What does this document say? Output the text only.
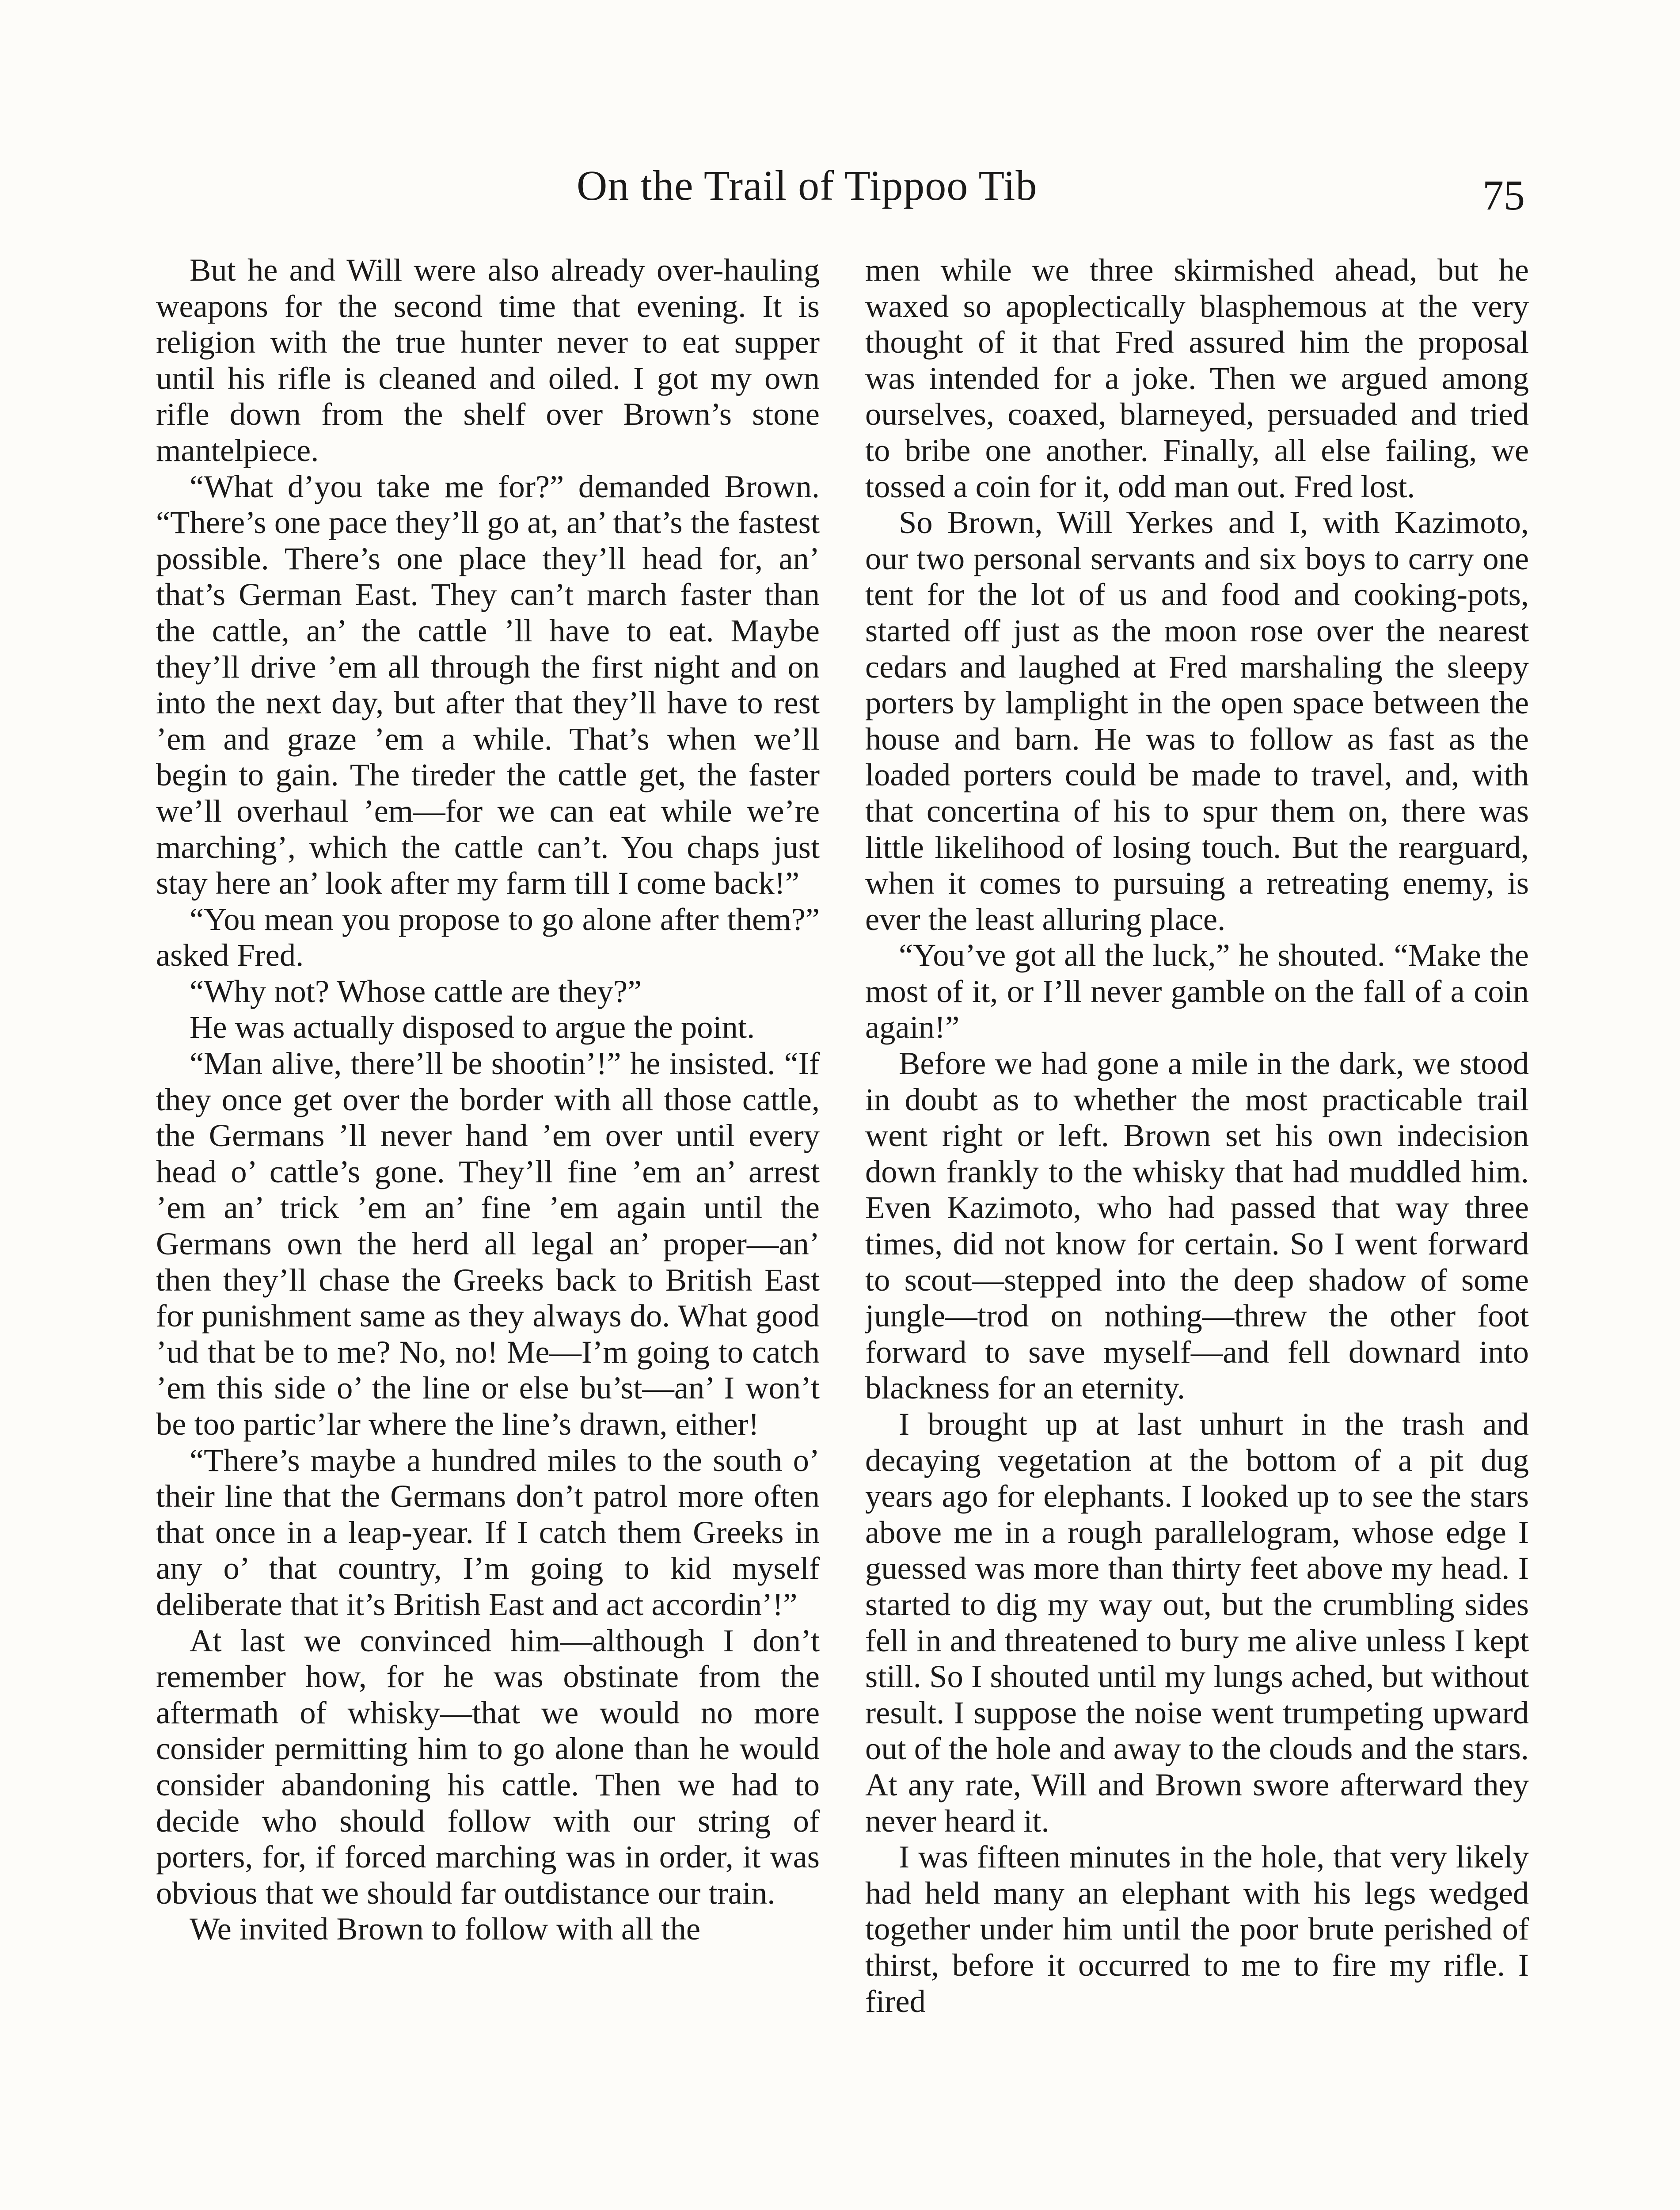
On the Trail of Tippoo Tib	75

But he and Will were also already over-hauling weapons for the second time that evening. It is religion with the true hunter never to eat supper until his rifle is cleaned and oiled. I got my own rifle down from the shelf over Brown’s stone mantelpiece.

“What d’you take me for?” demanded Brown. “There’s one pace they’ll go at, an’ that’s the fastest possible. There’s one place they’ll head for, an’ that’s German East. They can’t march faster than the cattle, an’ the cattle ’ll have to eat. Maybe they’ll drive ’em all through the first night and on into the next day, but after that they’ll have to rest ’em and graze ’em a while. That’s when we’ll begin to gain. The tireder the cattle get, the faster we’ll overhaul ’em—for we can eat while we’re marching’, which the cattle can’t. You chaps just stay here an’ look after my farm till I come back!”

“You mean you propose to go alone after them?” asked Fred.

“Why not? Whose cattle are they?”

He was actually disposed to argue the point.

“Man alive, there’ll be shootin’!” he insisted. “If they once get over the border with all those cattle, the Germans ’ll never hand ’em over until every head o’ cattle’s gone. They’ll fine ’em an’ arrest ’em an’ trick ’em an’ fine ’em again until the Germans own the herd all legal an’ proper—an’ then they’ll chase the Greeks back to British East for punishment same as they always do. What good ’ud that be to me? No, no! Me—I’m going to catch ’em this side o’ the line or else bu’st—an’ I won’t be too partic’lar where the line’s drawn, either!

“There’s maybe a hundred miles to the south o’ their line that the Germans don’t patrol more often that once in a leap-year. If I catch them Greeks in any o’ that country, I’m going to kid myself deliberate that it’s British East and act accordin’!”

At last we convinced him—although I don’t remember how, for he was obstinate from the aftermath of whisky—that we would no more consider permitting him to go alone than he would consider abandoning his cattle. Then we had to decide who should follow with our string of porters, for, if forced marching was in order, it was obvious that we should far outdistance our train.

We invited Brown to follow with all the

men while we three skirmished ahead, but he waxed so apoplectically blasphemous at the very thought of it that Fred assured him the proposal was intended for a joke. Then we argued among ourselves, coaxed, blarneyed, persuaded and tried to bribe one another. Finally, all else failing, we tossed a coin for it, odd man out. Fred lost.

So Brown, Will Yerkes and I, with Kazimoto, our two personal servants and six boys to carry one tent for the lot of us and food and cooking-pots, started off just as the moon rose over the nearest cedars and laughed at Fred marshaling the sleepy porters by lamplight in the open space between the house and barn. He was to follow as fast as the loaded porters could be made to travel, and, with that concertina of his to spur them on, there was little likelihood of losing touch. But the rearguard, when it comes to pursuing a retreating enemy, is ever the least alluring place.

“You’ve got all the luck,” he shouted. “Make the most of it, or I’ll never gamble on the fall of a coin again!”

Before we had gone a mile in the dark, we stood in doubt as to whether the most practicable trail went right or left. Brown set his own indecision down frankly to the whisky that had muddled him. Even Kazimoto, who had passed that way three times, did not know for certain. So I went forward to scout—stepped into the deep shadow of some jungle—trod on nothing—threw the other foot forward to save myself—and fell downard into blackness for an eternity.

I brought up at last unhurt in the trash and decaying vegetation at the bottom of a pit dug years ago for elephants. I looked up to see the stars above me in a rough parallelogram, whose edge I guessed was more than thirty feet above my head. I started to dig my way out, but the crumbling sides fell in and threatened to bury me alive unless I kept still. So I shouted until my lungs ached, but without result. I suppose the noise went trumpeting upward out of the hole and away to the clouds and the stars. At any rate, Will and Brown swore afterward they never heard it.

I was fifteen minutes in the hole, that very likely had held many an elephant with his legs wedged together under him until the poor brute perished of thirst, before it occurred to me to fire my rifle. I fired
